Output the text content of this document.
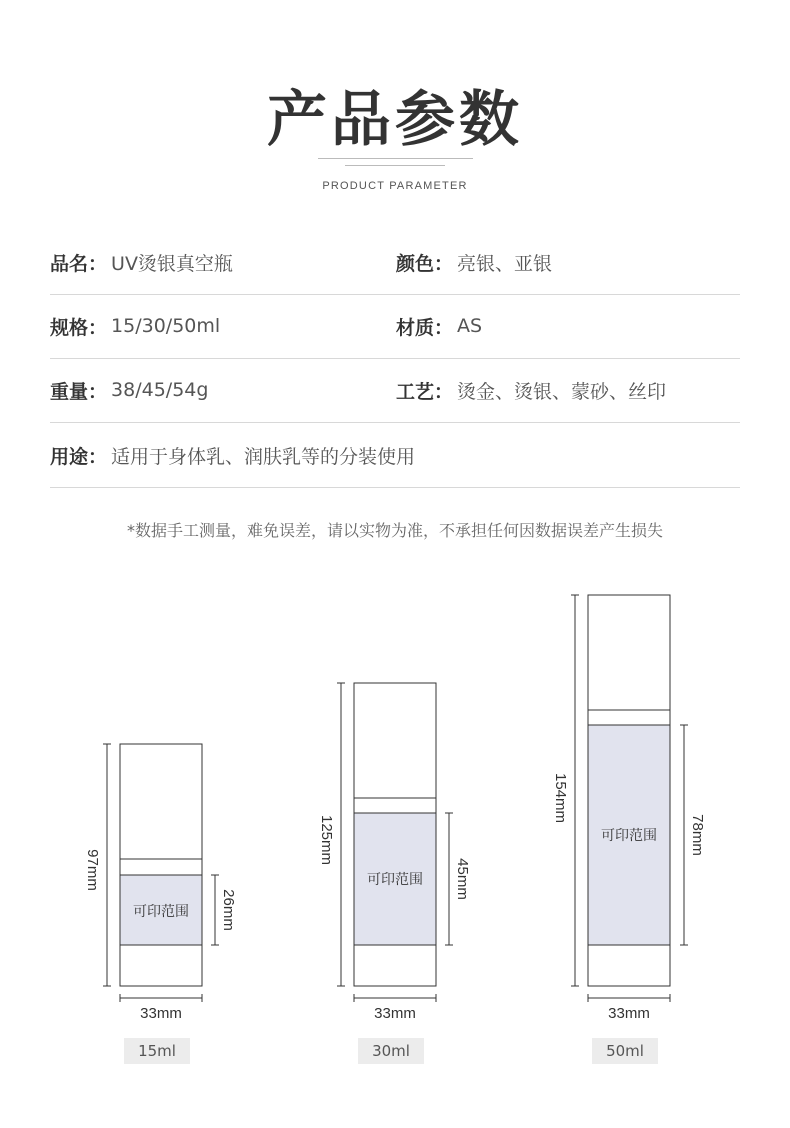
产品参数
PRODUCT PARAMETER
品名 ： UV烫银真空瓶	颜色 ： 亮银、亚银
规格 ： 15/30/50ml	材质 ： AS
重量 ： 38/45/54g	工艺 ： 烫金、烫银、蒙砂、丝印
用途 ： 适用于身体乳、润肤乳等的分装使用
*数据手工测量，难免误差，请以实物为准，不承担任何因数据误差产生损失
可印范围
97mm
26mm
33mm
可印范围
125mm
45mm
33mm
可印范围
154mm
78mm
33mm
15ml	30ml	50ml
